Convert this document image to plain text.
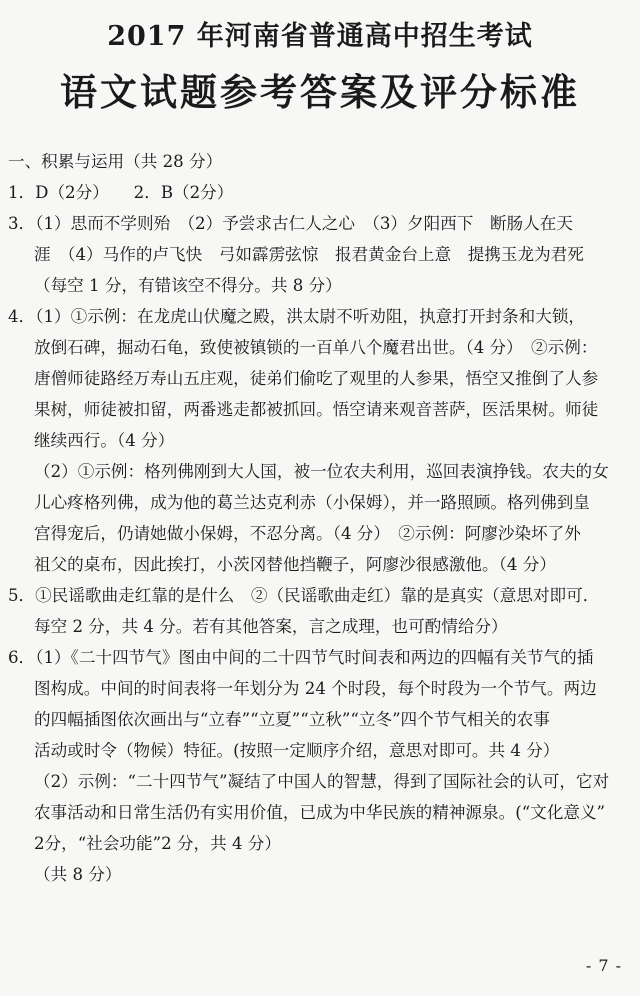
2017 年河南省普通高中招生考试
语文试题参考答案及评分标准
一、积累与运用（共 28 分）
1．D（2分）　　2．B（2分）
3．（1）思而不学则殆　（2）予尝求古仁人之心　（3）夕阳西下　断肠人在天
涯　（4）马作的卢飞快　弓如霹雳弦惊　报君黄金台上意　提携玉龙为君死
（每空 1 分，有错该空不得分。共 8 分）
4．（1）①示例：在龙虎山伏魔之殿，洪太尉不听劝阻，执意打开封条和大锁，
放倒石碑，掘动石龟，致使被镇锁的一百单八个魔君出世。（4 分）　②示例：
唐僧师徒路经万寿山五庄观，徒弟们偷吃了观里的人参果，悟空又推倒了人参
果树，师徒被扣留，两番逃走都被抓回。悟空请来观音菩萨，医活果树。师徒
继续西行。（4 分）
（2）①示例：格列佛刚到大人国，被一位农夫利用，巡回表演挣钱。农夫的女
儿心疼格列佛，成为他的葛兰达克利赤（小保姆），并一路照顾。格列佛到皇
宫得宠后，仍请她做小保姆，不忍分离。（4 分）　②示例：阿廖沙染坏了外
祖父的桌布，因此挨打，小茨冈替他挡鞭子，阿廖沙很感激他。（4 分）
5．①民谣歌曲走红靠的是什么　②（民谣歌曲走红）靠的是真实（意思对即可．
每空 2 分，共 4 分。若有其他答案，言之成理，也可酌情给分）
6．（1）《二十四节气》图由中间的二十四节气时间表和两边的四幅有关节气的插
图构成。中间的时间表将一年划分为 24 个时段，每个时段为一个节气。两边
的四幅插图依次画出与“立春”“立夏”“立秋”“立冬”四个节气相关的农事
活动或时令（物候）特征。(按照一定顺序介绍，意思对即可。共 4 分）
（2）示例：“二十四节气”凝结了中国人的智慧，得到了国际社会的认可，它对
农事活动和日常生活仍有实用价值，已成为中华民族的精神源泉。(“文化意义”
2分，“社会功能”2 分，共 4 分）
（共 8 分）
- 7 -
